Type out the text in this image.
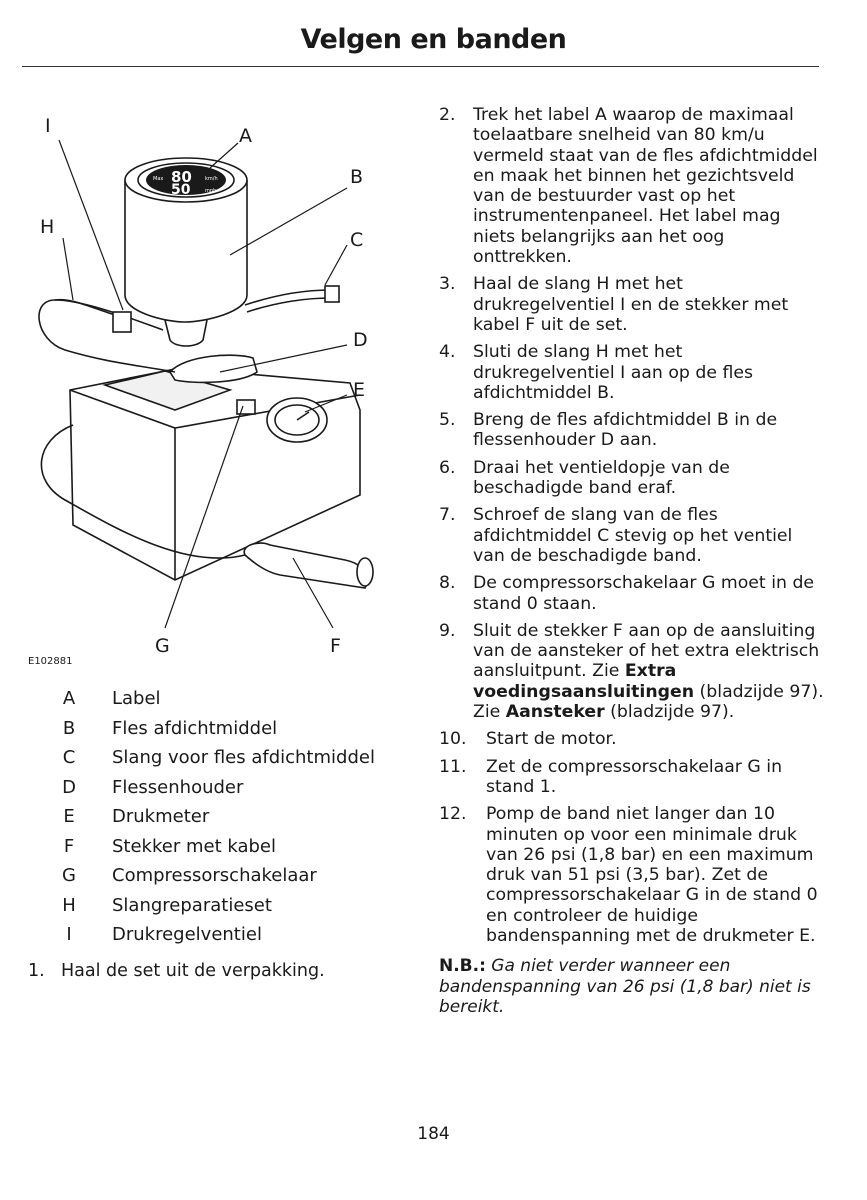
Velgen en banden
80
50
Max	km/h
mph
I	A
B
H
C
D
E
G	F
E102881
A Label
B Fles afdichtmiddel
C Slang voor fles afdichtmiddel
D Flessenhouder
E Drukmeter
F Stekker met kabel
G Compressorschakelaar
H Slangreparatieset
I	Drukregelventiel
1. Haal de set uit de verpakking.
2. Trek het label A waarop de maximaal toelaatbare snelheid van 80 km/u vermeld staat van de fles afdichtmiddel en maak het binnen het gezichtsveld van de bestuurder vast op het instrumentenpaneel. Het label mag niets belangrijks aan het oog onttrekken.
3. Haal de slang H met het drukregelventiel I en de stekker met kabel F uit de set.
4. Sluti de slang H met het drukregelventiel I aan op de fles afdichtmiddel B.
5. Breng de fles afdichtmiddel B in de flessenhouder D aan.
6. Draai het ventieldopje van de beschadigde band eraf.
7. Schroef de slang van de fles afdichtmiddel C stevig op het ventiel van de beschadigde band.
8. De compressorschakelaar G moet in de stand 0 staan.
9. Sluit de stekker F aan op de aansluiting van de aansteker of het extra elektrisch aansluitpunt. Zie Extra voedingsaansluitingen (bladzijde 97). Zie Aansteker (bladzijde 97).
10. Start de motor.
11. Zet de compressorschakelaar G in stand 1.
12. Pomp de band niet langer dan 10 minuten op voor een minimale druk van 26 psi (1,8 bar) en een maximum druk van 51 psi (3,5 bar). Zet de compressorschakelaar G in de stand 0 en controleer de huidige bandenspanning met de drukmeter E.
N.B.: Ga niet verder wanneer een bandenspanning van 26 psi (1,8 bar) niet is bereikt.
184
